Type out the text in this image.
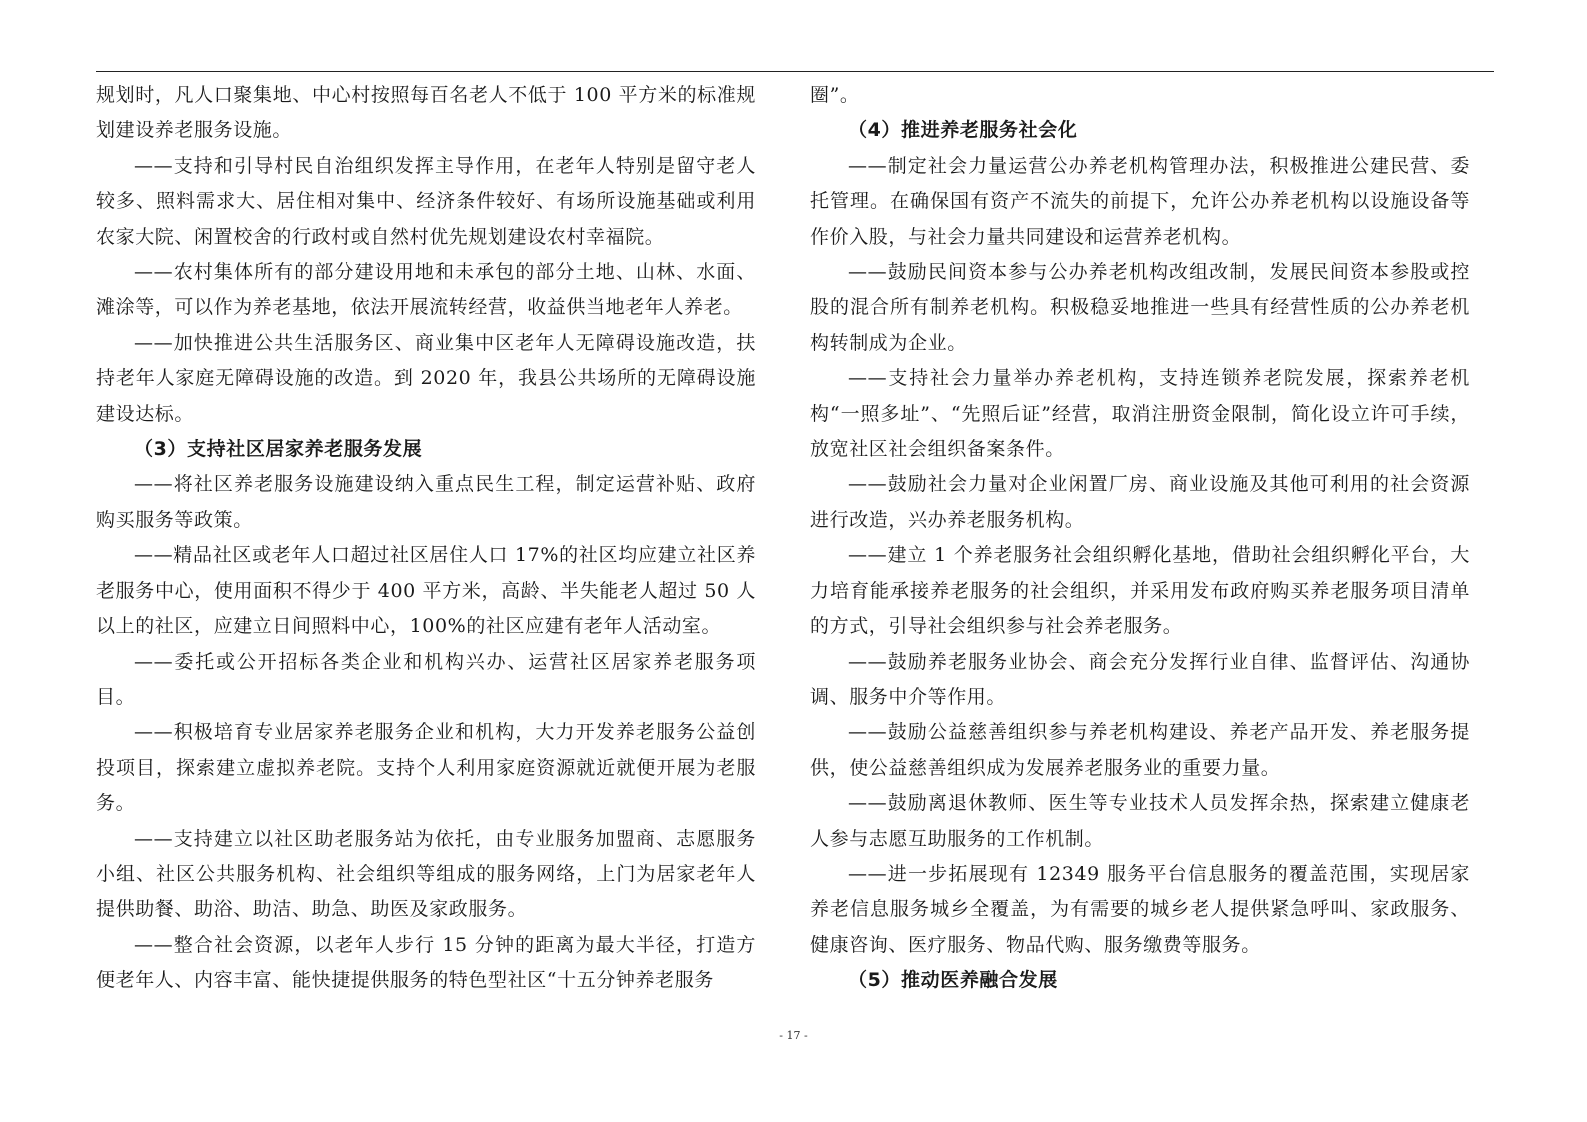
规划时，凡人口聚集地、中心村按照每百名老人不低于 100 平方米的标准规划建设养老服务设施。

——支持和引导村民自治组织发挥主导作用，在老年人特别是留守老人较多、照料需求大、居住相对集中、经济条件较好、有场所设施基础或利用农家大院、闲置校舍的行政村或自然村优先规划建设农村幸福院。

——农村集体所有的部分建设用地和未承包的部分土地、山林、水面、滩涂等，可以作为养老基地，依法开展流转经营，收益供当地老年人养老。

——加快推进公共生活服务区、商业集中区老年人无障碍设施改造，扶持老年人家庭无障碍设施的改造。到 2020 年，我县公共场所的无障碍设施建设达标。

（3）支持社区居家养老服务发展

——将社区养老服务设施建设纳入重点民生工程，制定运营补贴、政府购买服务等政策。

——精品社区或老年人口超过社区居住人口 17%的社区均应建立社区养老服务中心，使用面积不得少于 400 平方米，高龄、半失能老人超过 50 人以上的社区，应建立日间照料中心，100%的社区应建有老年人活动室。

——委托或公开招标各类企业和机构兴办、运营社区居家养老服务项目。

——积极培育专业居家养老服务企业和机构，大力开发养老服务公益创投项目，探索建立虚拟养老院。支持个人利用家庭资源就近就便开展为老服务。

——支持建立以社区助老服务站为依托，由专业服务加盟商、志愿服务小组、社区公共服务机构、社会组织等组成的服务网络，上门为居家老年人提供助餐、助浴、助洁、助急、助医及家政服务。

——整合社会资源，以老年人步行 15 分钟的距离为最大半径，打造方便老年人、内容丰富、能快捷提供服务的特色型社区“十五分钟养老服务

圈”。

（4）推进养老服务社会化

——制定社会力量运营公办养老机构管理办法，积极推进公建民营、委托管理。在确保国有资产不流失的前提下，允许公办养老机构以设施设备等作价入股，与社会力量共同建设和运营养老机构。

——鼓励民间资本参与公办养老机构改组改制，发展民间资本参股或控股的混合所有制养老机构。积极稳妥地推进一些具有经营性质的公办养老机构转制成为企业。

——支持社会力量举办养老机构，支持连锁养老院发展，探索养老机构“一照多址”、“先照后证”经营，取消注册资金限制，简化设立许可手续，放宽社区社会组织备案条件。

——鼓励社会力量对企业闲置厂房、商业设施及其他可利用的社会资源进行改造，兴办养老服务机构。

——建立 1 个养老服务社会组织孵化基地，借助社会组织孵化平台，大力培育能承接养老服务的社会组织，并采用发布政府购买养老服务项目清单的方式，引导社会组织参与社会养老服务。

——鼓励养老服务业协会、商会充分发挥行业自律、监督评估、沟通协调、服务中介等作用。

——鼓励公益慈善组织参与养老机构建设、养老产品开发、养老服务提供，使公益慈善组织成为发展养老服务业的重要力量。

——鼓励离退休教师、医生等专业技术人员发挥余热，探索建立健康老人参与志愿互助服务的工作机制。

——进一步拓展现有 12349 服务平台信息服务的覆盖范围，实现居家养老信息服务城乡全覆盖，为有需要的城乡老人提供紧急呼叫、家政服务、健康咨询、医疗服务、物品代购、服务缴费等服务。

（5）推动医养融合发展

- 17 -
